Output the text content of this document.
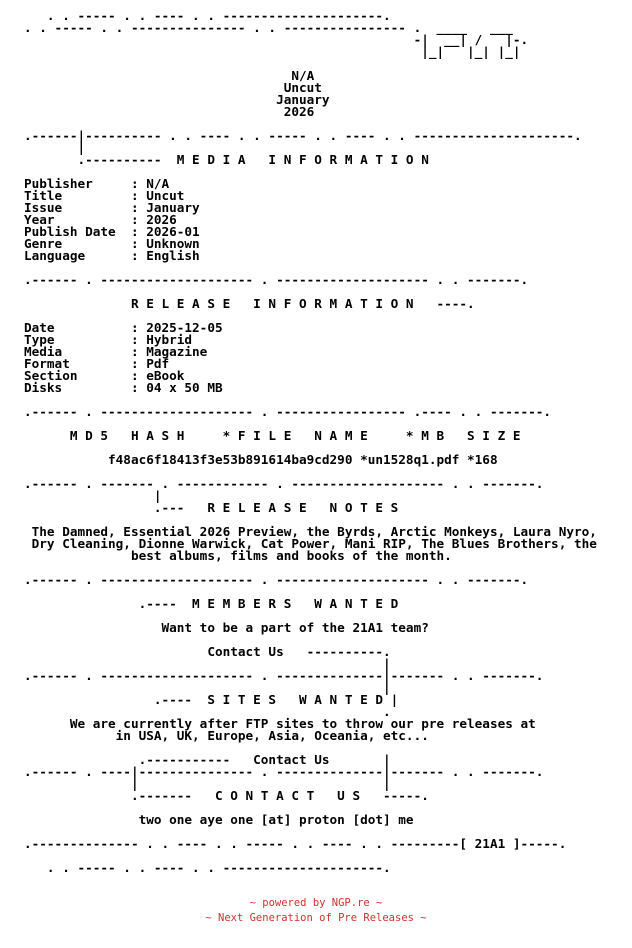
. . ----- . . ---- . . ---------------------.
. . ----- . . --------------- . . ---------------- .  ____   ___
-|  __| /   |-.
|_|   |_| |_|

N/A
Uncut
January
2026

.------|---------- . . ---- . . ----- . . ---- . . ---------------------.
|
.----------  M E D I A   I N F O R M A T I O N

Publisher     : N/A
Title         : Uncut
Issue         : January
Year          : 2026
Publish Date  : 2026-01
Genre         : Unknown
Language      : English

.------ . -------------------- . -------------------- . . -------.

R E L E A S E   I N F O R M A T I O N   ----.

Date          : 2025-12-05
Type          : Hybrid
Media         : Magazine
Format        : Pdf
Section       : eBook
Disks         : 04 x 50 MB

.------ . -------------------- . ----------------- .---- . . -------.

M D 5   H A S H     * F I L E   N A M E     * M B   S I Z E

f48ac6f18413f3e53b891614ba9cd290 *un1528q1.pdf *168

.------ . ------- . ------------ . -------------------- . . -------.
|
.---   R E L E A S E   N O T E S

The Damned, Essential 2026 Preview, the Byrds, Arctic Monkeys, Laura Nyro,
Dry Cleaning, Dionne Warwick, Cat Power, Mani RIP, The Blues Brothers, the
best albums, films and books of the month.

.------ . -------------------- . -------------------- . . -------.

.----  M E M B E R S   W A N T E D

Want to be a part of the 21A1 team?

Contact Us   ----------.
|
.------ . -------------------- . --------------|------- . . -------.
|
.----  S I T E S   W A N T E D |
.
We are currently after FTP sites to throw our pre releases at
in USA, UK, Europe, Asia, Oceania, etc...

.-----------   Contact Us       |
.------ . ----|--------------- . --------------|------- . . -------.
|                                |
.-------   C O N T A C T   U S   -----.

two one aye one [at] proton [dot] me

.-------------- . . ---- . . ----- . . ---- . . ---------[ 21A1 ]-----.

. . ----- . . ---- . . ---------------------.

~ powered by NGP.re ~
~ Next Generation of Pre Releases ~
